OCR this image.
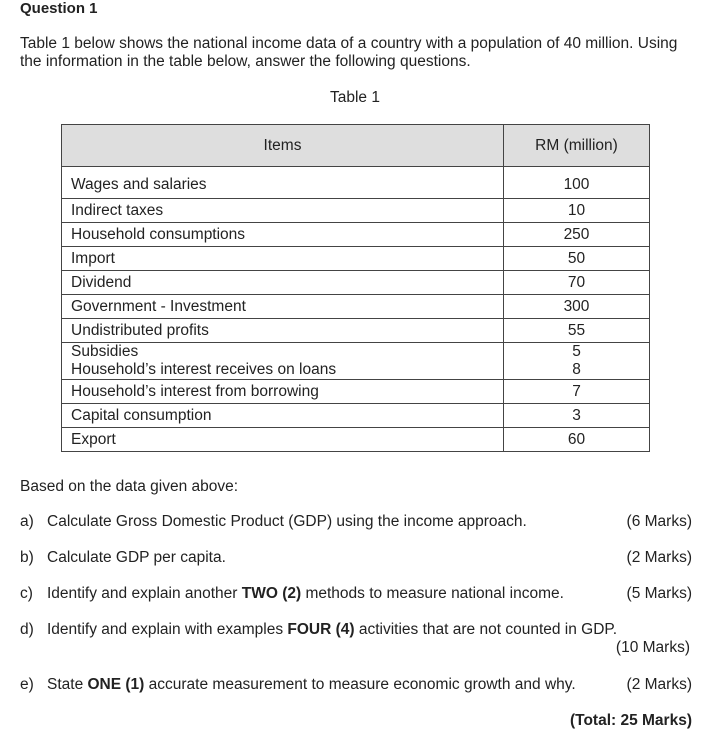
Question 1
Table 1 below shows the national income data of a country with a population of 40 million. Using the information in the table below, answer the following questions.
Table 1
Items	RM (million)
Wages and salaries	100
Indirect taxes	10
Household consumptions	250
Import	50
Dividend	70
Government - Investment	300
Undistributed profits	55
Subsidies	5
Household’s interest receives on loans	8
Household’s interest from borrowing	7
Capital consumption	3
Export	60
Based on the data given above:
a) Calculate Gross Domestic Product (GDP) using the income approach.	(6 Marks)
b) Calculate GDP per capita.	(2 Marks)
c) Identify and explain another TWO (2) methods to measure national income.	(5 Marks)
d) Identify and explain with examples FOUR (4) activities that are not counted in GDP.
(10 Marks)
e) State ONE (1) accurate measurement to measure economic growth and why.	(2 Marks)
(Total: 25 Marks)
